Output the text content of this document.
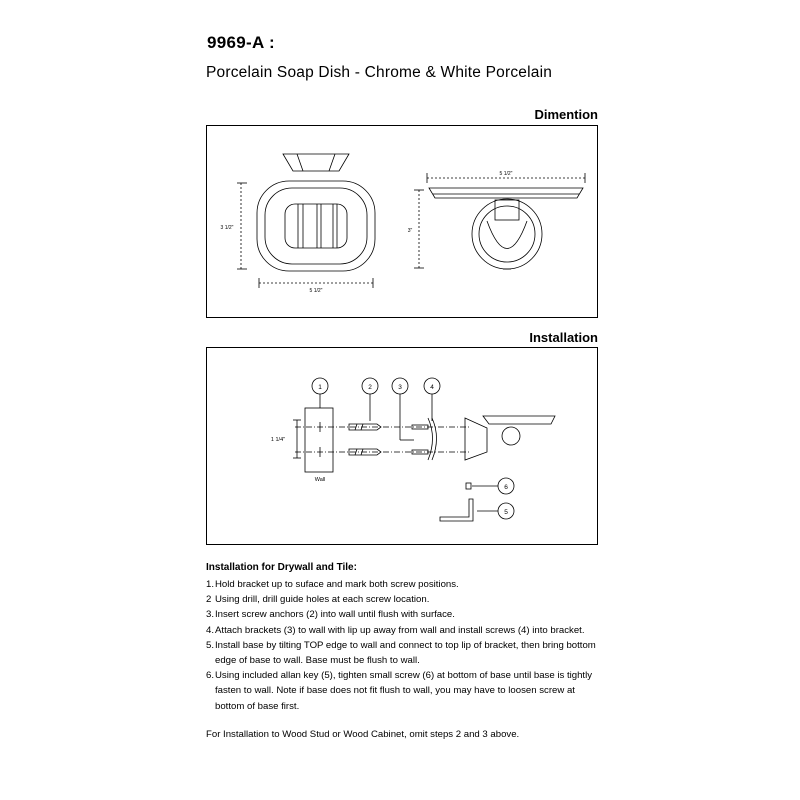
9969-A :
Porcelain Soap Dish - Chrome & White Porcelain
Dimention
3 1/2"
5 1/2"
5 1/2"
3"
Installation
1	2	3	4
5
6
1 1/4"
Wall
Installation for Drywall and Tile:
1. Hold bracket up to suface and mark both screw positions.
2 Using drill, drill guide holes at each screw location.
3. Insert screw anchors (2) into wall until flush with surface.
4. Attach brackets (3) to wall with lip up away from wall and install screws (4) into bracket.
5. Install base by tilting TOP edge to wall and connect to top lip of bracket, then bring bottom edge of base to wall. Base must be flush to wall.
6. Using included allan key (5), tighten small screw (6) at bottom of base until base is tightly fasten to wall. Note if base does not fit flush to wall, you may have to loosen screw at bottom of base first.
For Installation to Wood Stud or Wood Cabinet, omit steps 2 and 3 above.
